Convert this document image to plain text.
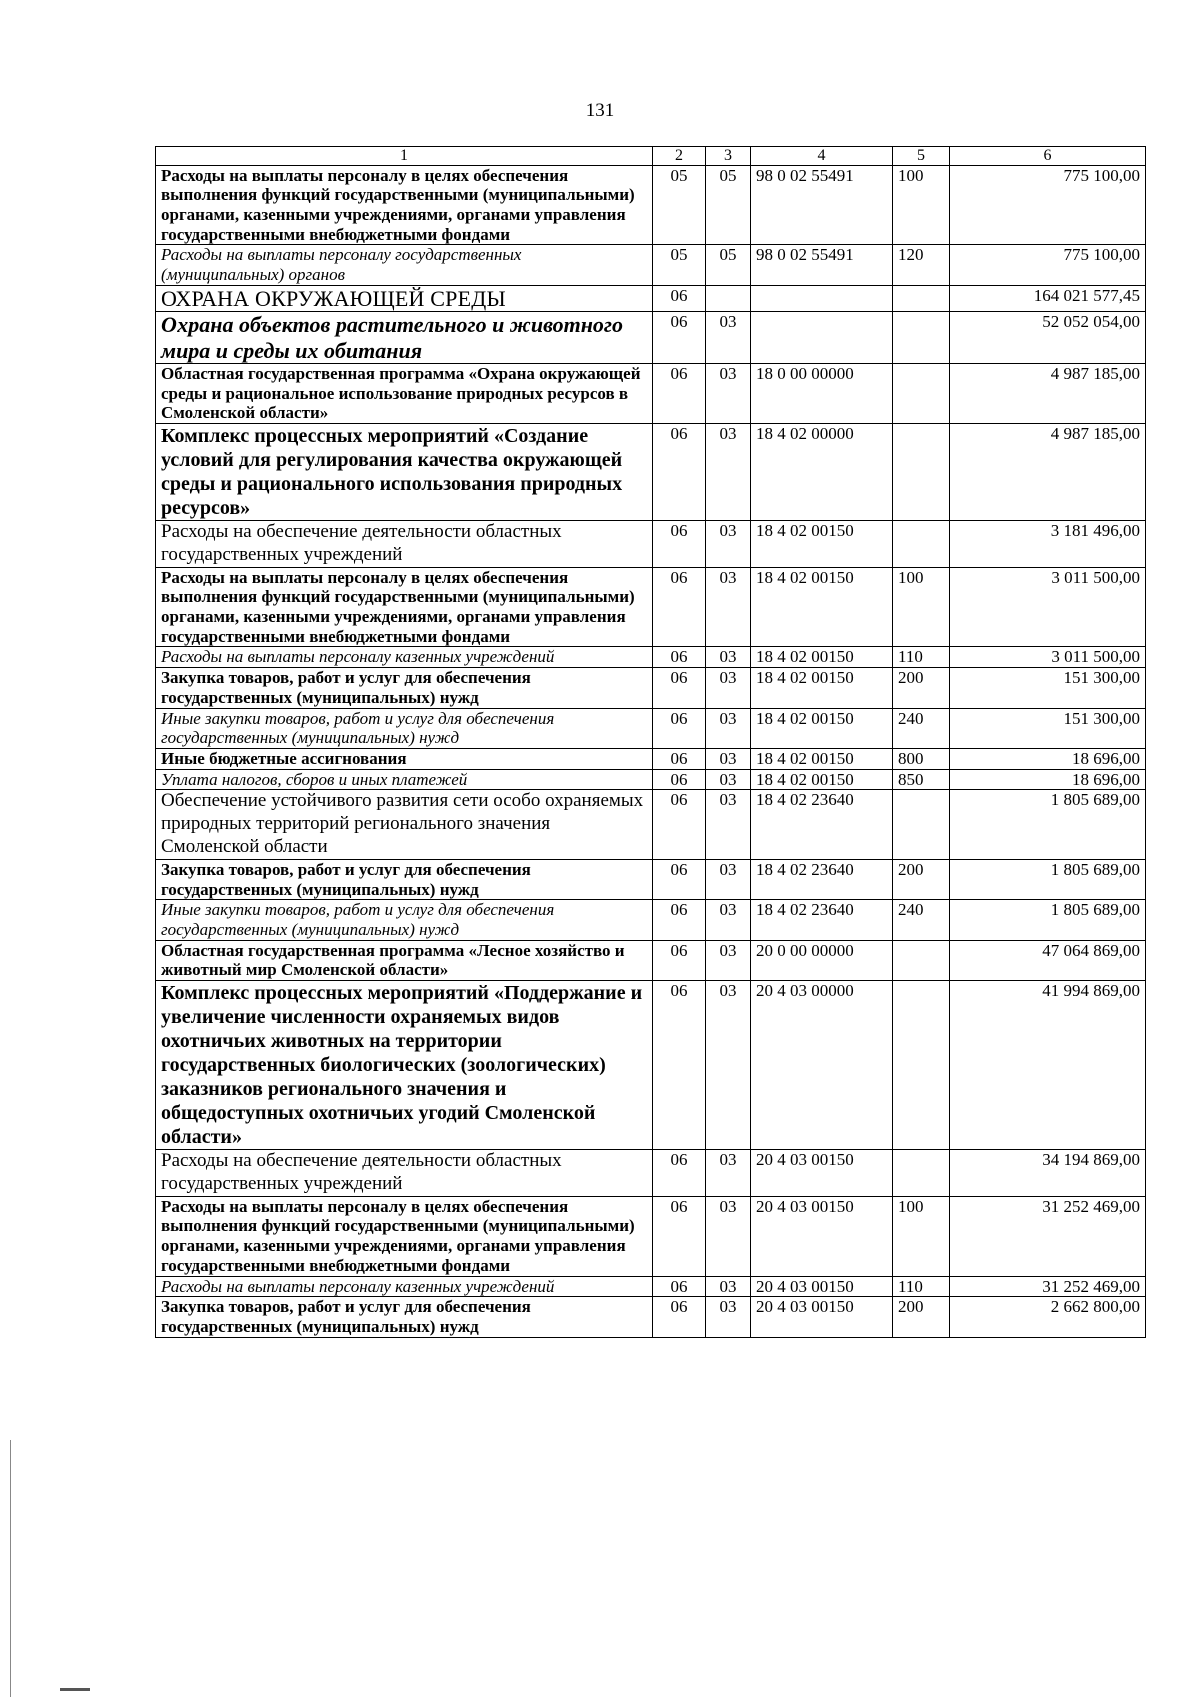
131
1	2	3	4	5	6
Расходы на выплаты персоналу в целях обеспечения выполнения функций государственными (муниципальными) органами, казенными учреждениями, органами управления государственными внебюджетными фондами	05	05	98 0 02 55491	100	775 100,00
Расходы на выплаты персоналу государственных (муниципальных) органов	05	05	98 0 02 55491	120	775 100,00
ОХРАНА ОКРУЖАЮЩЕЙ СРЕДЫ	06				164 021 577,45
Охрана объектов растительного и животного мира и среды их обитания	06	03			52 052 054,00
Областная государственная программа «Охрана окружающей среды и рациональное использование природных ресурсов в Смоленской области»	06	03	18 0 00 00000		4 987 185,00
Комплекс процессных мероприятий «Создание условий для регулирования качества окружающей среды и рационального использования природных ресурсов»	06	03	18 4 02 00000		4 987 185,00
Расходы на обеспечение деятельности областных государственных учреждений	06	03	18 4 02 00150		3 181 496,00
Расходы на выплаты персоналу в целях обеспечения выполнения функций государственными (муниципальными) органами, казенными учреждениями, органами управления государственными внебюджетными фондами	06	03	18 4 02 00150	100	3 011 500,00
Расходы на выплаты персоналу казенных учреждений	06	03	18 4 02 00150	110	3 011 500,00
Закупка товаров, работ и услуг для обеспечения государственных (муниципальных) нужд	06	03	18 4 02 00150	200	151 300,00
Иные закупки товаров, работ и услуг для обеспечения государственных (муниципальных) нужд	06	03	18 4 02 00150	240	151 300,00
Иные бюджетные ассигнования	06	03	18 4 02 00150	800	18 696,00
Уплата налогов, сборов и иных платежей	06	03	18 4 02 00150	850	18 696,00
Обеспечение устойчивого развития сети особо охраняемых природных территорий регионального значения Смоленской области	06	03	18 4 02 23640		1 805 689,00
Закупка товаров, работ и услуг для обеспечения государственных (муниципальных) нужд	06	03	18 4 02 23640	200	1 805 689,00
Иные закупки товаров, работ и услуг для обеспечения государственных (муниципальных) нужд	06	03	18 4 02 23640	240	1 805 689,00
Областная государственная программа «Лесное хозяйство и животный мир Смоленской области»	06	03	20 0 00 00000		47 064 869,00
Комплекс процессных мероприятий «Поддержание и увеличение численности охраняемых видов охотничьих животных на территории государственных биологических (зоологических) заказников регионального значения и общедоступных охотничьих угодий Смоленской области»	06	03	20 4 03 00000		41 994 869,00
Расходы на обеспечение деятельности областных государственных учреждений	06	03	20 4 03 00150		34 194 869,00
Расходы на выплаты персоналу в целях обеспечения выполнения функций государственными (муниципальными) органами, казенными учреждениями, органами управления государственными внебюджетными фондами	06	03	20 4 03 00150	100	31 252 469,00
Расходы на выплаты персоналу казенных учреждений	06	03	20 4 03 00150	110	31 252 469,00
Закупка товаров, работ и услуг для обеспечения государственных (муниципальных) нужд	06	03	20 4 03 00150	200	2 662 800,00
